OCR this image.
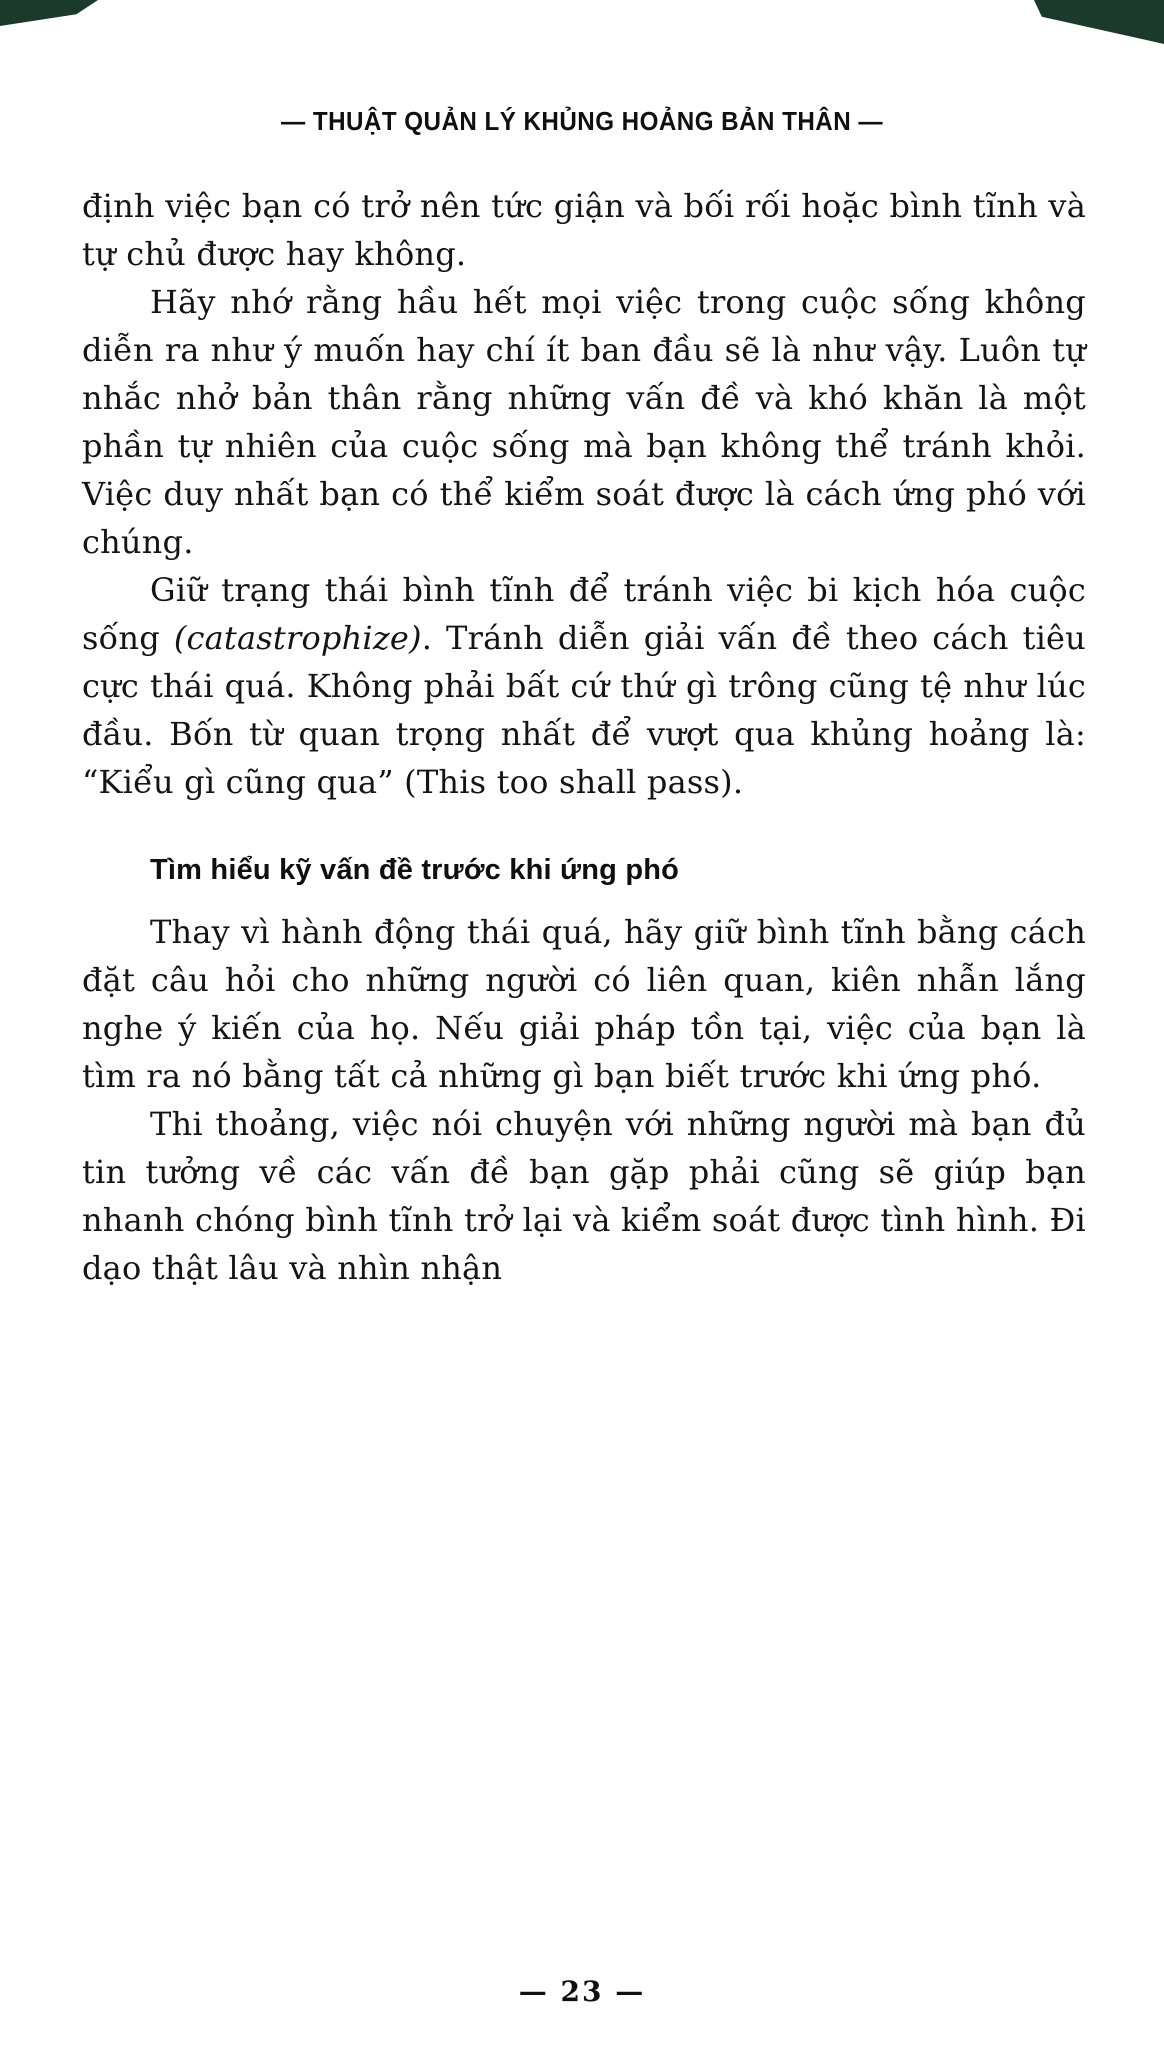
— THUẬT QUẢN LÝ KHỦNG HOẢNG BẢN THÂN —

định việc bạn có trở nên tức giận và bối rối hoặc bình tĩnh và tự chủ được hay không.

Hãy nhớ rằng hầu hết mọi việc trong cuộc sống không diễn ra như ý muốn hay chí ít ban đầu sẽ là như vậy. Luôn tự nhắc nhở bản thân rằng những vấn đề và khó khăn là một phần tự nhiên của cuộc sống mà bạn không thể tránh khỏi. Việc duy nhất bạn có thể kiểm soát được là cách ứng phó với chúng.

Giữ trạng thái bình tĩnh để tránh việc bi kịch hóa cuộc sống (catastrophize). Tránh diễn giải vấn đề theo cách tiêu cực thái quá. Không phải bất cứ thứ gì trông cũng tệ như lúc đầu. Bốn từ quan trọng nhất để vượt qua khủng hoảng là: “Kiểu gì cũng qua” (This too shall pass).

Tìm hiểu kỹ vấn đề trước khi ứng phó

Thay vì hành động thái quá, hãy giữ bình tĩnh bằng cách đặt câu hỏi cho những người có liên quan, kiên nhẫn lắng nghe ý kiến của họ. Nếu giải pháp tồn tại, việc của bạn là tìm ra nó bằng tất cả những gì bạn biết trước khi ứng phó.

Thi thoảng, việc nói chuyện với những người mà bạn đủ tin tưởng về các vấn đề bạn gặp phải cũng sẽ giúp bạn nhanh chóng bình tĩnh trở lại và kiểm soát được tình hình. Đi dạo thật lâu và nhìn nhận

— 23 —
